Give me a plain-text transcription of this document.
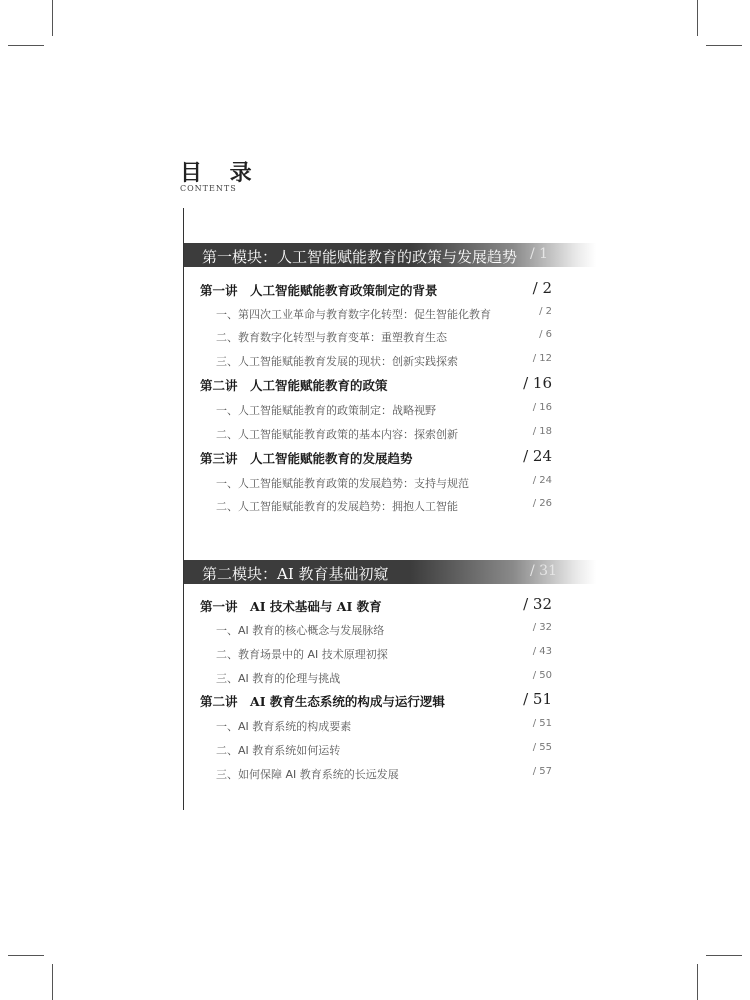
目 录
CONTENTS
第一模块：人工智能赋能教育的政策与发展趋势 / 1
第一讲　人工智能赋能教育政策制定的背景	/ 2
一、第四次工业革命与教育数字化转型：促生智能化教育	/ 2
二、教育数字化转型与教育变革：重塑教育生态	/ 6
三、人工智能赋能教育发展的现状：创新实践探索	/ 12
第二讲　人工智能赋能教育的政策	/ 16
一、人工智能赋能教育的政策制定：战略视野	/ 16
二、人工智能赋能教育政策的基本内容：探索创新	/ 18
第三讲　人工智能赋能教育的发展趋势	/ 24
一、人工智能赋能教育政策的发展趋势：支持与规范	/ 24
二、人工智能赋能教育的发展趋势：拥抱人工智能	/ 26
第二模块：AI 教育基础初窥	/ 31
第一讲　AI 技术基础与 AI 教育	/ 32
一、AI 教育的核心概念与发展脉络	/ 32
二、教育场景中的 AI 技术原理初探	/ 43
三、AI 教育的伦理与挑战	/ 50
第二讲　AI 教育生态系统的构成与运行逻辑	/ 51
一、AI 教育系统的构成要素	/ 51
二、AI 教育系统如何运转	/ 55
三、如何保障 AI 教育系统的长远发展	/ 57
